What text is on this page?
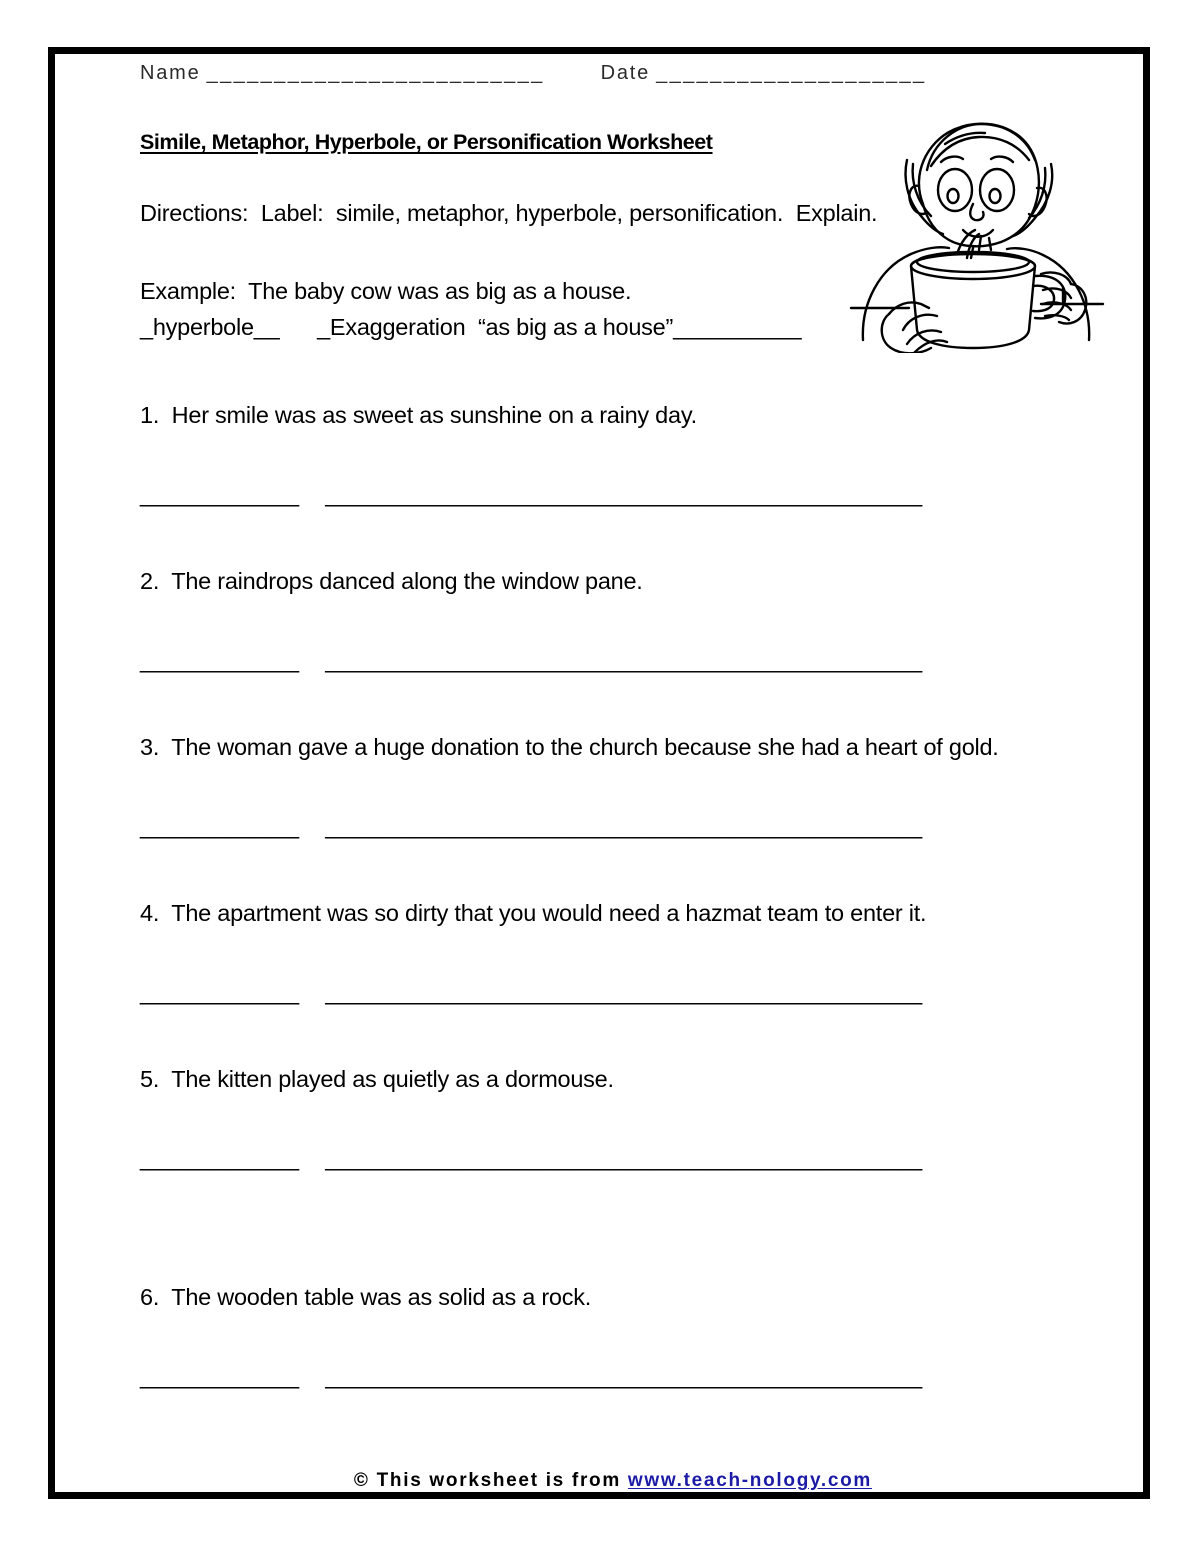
Name _________________________	Date ____________________
Simile, Metaphor, Hyperbole, or Personification Worksheet
Directions:  Label:  simile, metaphor, hyperbole, personification.  Explain.
Example:  The baby cow was as big as a house.
_hyperbole__      _Exaggeration  “as big as a house”__________
1.  Her smile was as sweet as sunshine on a rainy day.
____________ _____________________________________________
2.  The raindrops danced along the window pane.
____________ _____________________________________________
3.  The woman gave a huge donation to the church because she had a heart of gold.
____________ _____________________________________________
4.  The apartment was so dirty that you would need a hazmat team to enter it.
____________ _____________________________________________
5.  The kitten played as quietly as a dormouse.
____________ _____________________________________________
6.  The wooden table was as solid as a rock.
____________ _____________________________________________

© This worksheet is from www.teach-nology.com
